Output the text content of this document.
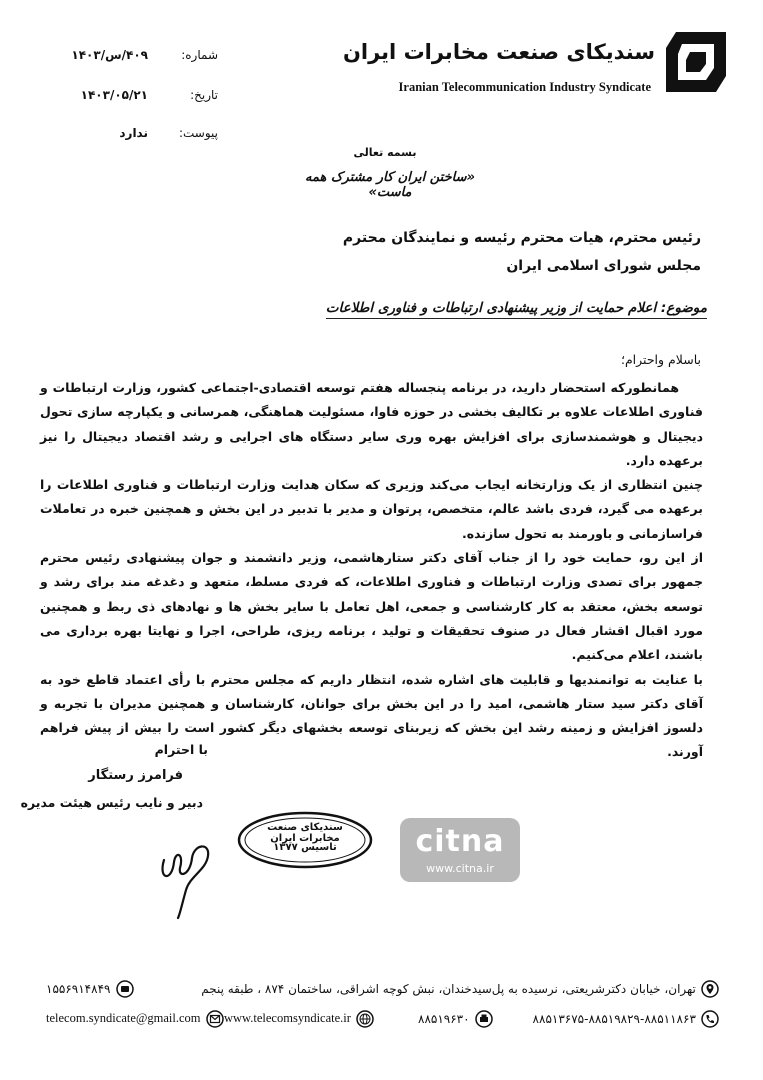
سندیکای صنعت مخابرات ایران
Iranian Telecommunication Industry Syndicate
شماره:
۴۰۹/س/۱۴۰۳
تاریخ:
۱۴۰۳/۰۵/۲۱
پیوست:
ندارد
بسمه تعالی
«ساختن ایران کار مشترک همه ماست»
رئیس محترم، هیات محترم رئیسه و نمایندگان محترم
مجلس شورای اسلامی ایران
موضوع: اعلام حمایت از وزیر پیشنهادی ارتباطات و فناوری اطلاعات
باسلام واحترام؛

همانطورکه استحضار دارید، در برنامه پنجساله هفتم توسعه اقتصادی-اجتماعی کشور، وزارت ارتباطات و فناوری اطلاعات علاوه بر تکالیف بخشی در حوزه فاوا، مسئولیت هماهنگی، همرسانی و یکپارچه سازی تحول دیجیتال و هوشمندسازی برای افزایش بهره وری سایر دستگاه های اجرایی و رشد اقتصاد دیجیتال را نیز برعهده دارد.

چنین انتظاری از یک وزارتخانه ایجاب می‌کند وزیری که سکان هدایت وزارت ارتباطات و فناوری اطلاعات را برعهده می گیرد، فردی باشد عالم، متخصص، پرتوان و مدیر با تدبیر در این بخش و همچنین خبره در تعاملات فراسازمانی و باورمند به تحول سازنده.

از این رو، حمایت خود را از جناب آقای دکتر ستارهاشمی، وزیر دانشمند و جوان پیشنهادی رئیس محترم جمهور برای تصدی وزارت ارتباطات و فناوری اطلاعات، که فردی مسلط، متعهد و دغدغه مند برای رشد و توسعه بخش، معتقد به کار کارشناسی و جمعی، اهل تعامل با سایر بخش ها و نهادهای ذی ربط و همچنین مورد اقبال اقشار فعال در صنوف تحقیقات و تولید ، برنامه ریزی، طراحی، اجرا و نهایتا بهره برداری می باشند، اعلام می‌کنیم.

با عنایت به توانمندیها و قابلیت های اشاره شده، انتظار داریم که مجلس محترم با رأی اعتماد قاطع خود به آقای دکتر سید ستار هاشمی، امید را در این بخش برای جوانان، کارشناسان و همچنین مدیران با تجربه و دلسوز افزایش و زمینه رشد این بخش که زیربنای توسعه بخشهای دیگر کشور است را بیش از پیش فراهم آورند.

با احترام
فرامرز رستگار
دبیر و نایب رئیس هیئت مدیره
سندیکای صنعت مخابرات ایران
تاسیس ۱۳۷۷	citna
www.citna.ir
تهران، خیابان دکترشریعتی، نرسیده به پل‌سیدخندان، نبش کوچه اشراقی، ساختمان ۸۷۴ ، طبقه پنجم
۱۵۵۶۹۱۴۸۴۹
۸۸۵۱۳۶۷۵-۸۸۵۱۹۸۲۹-۸۸۵۱۱۸۶۳
۸۸۵۱۹۶۳۰
www.telecomsyndicate.ir
telecom.syndicate@gmail.com
